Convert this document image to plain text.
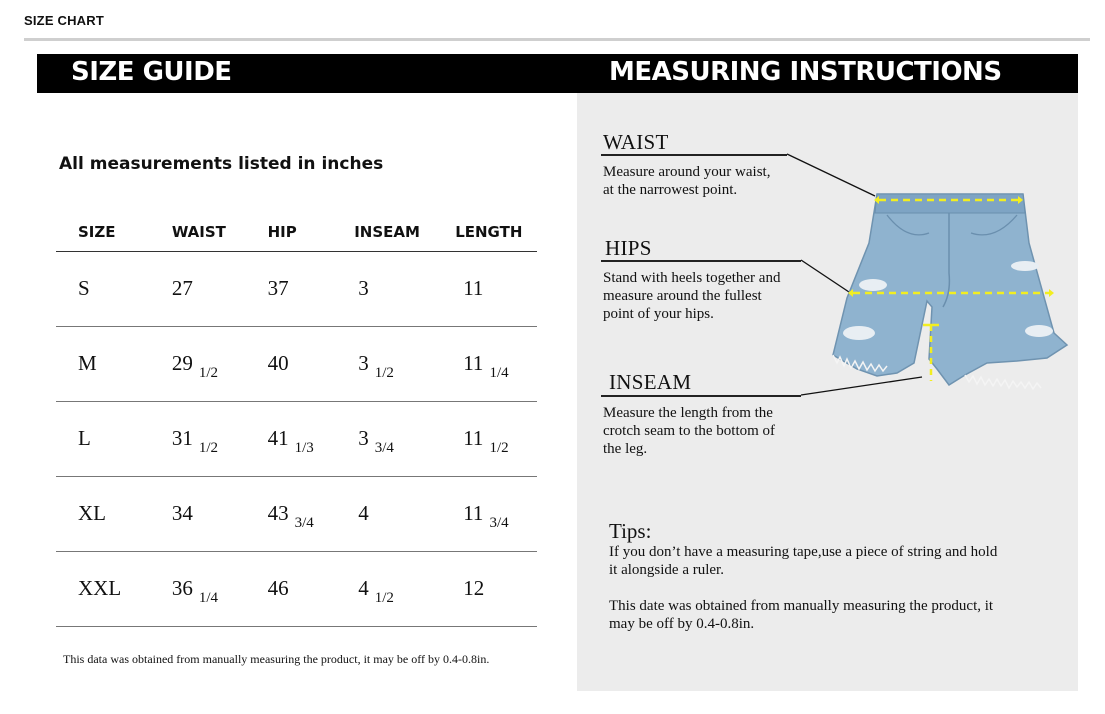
SIZE CHART
SIZE GUIDE	MEASURING INSTRUCTIONS
All measurements listed in inches
SIZE	WAIST	HIP	INSEAM	LENGTH
S	27	37	3	11
M	29 $_{1/2}$	40	3 $_{1/2}$	11 $_{1/4}$
L	31 $_{1/2}$	41 $_{1/3}$	3 $_{3/4}$	11 $_{1/2}$
XL	34	43 $_{3/4}$	4	11 $_{3/4}$
XXL	36 $_{1/4}$	46	4 $_{1/2}$	12
This data was obtained from manually measuring the product, it may be off by 0.4-0.8in.
WAIST
Measure around your waist,
at the narrowest point.
HIPS
Stand with heels together and
measure around the fullest
point of your hips.
INSEAM
Measure the length from the
crotch seam to the bottom of
the leg.
Tips:
If you don’t have a measuring tape,use a piece of string and hold
it alongside a ruler.
This date was obtained from manually measuring the product, it
may be off by 0.4-0.8in.
